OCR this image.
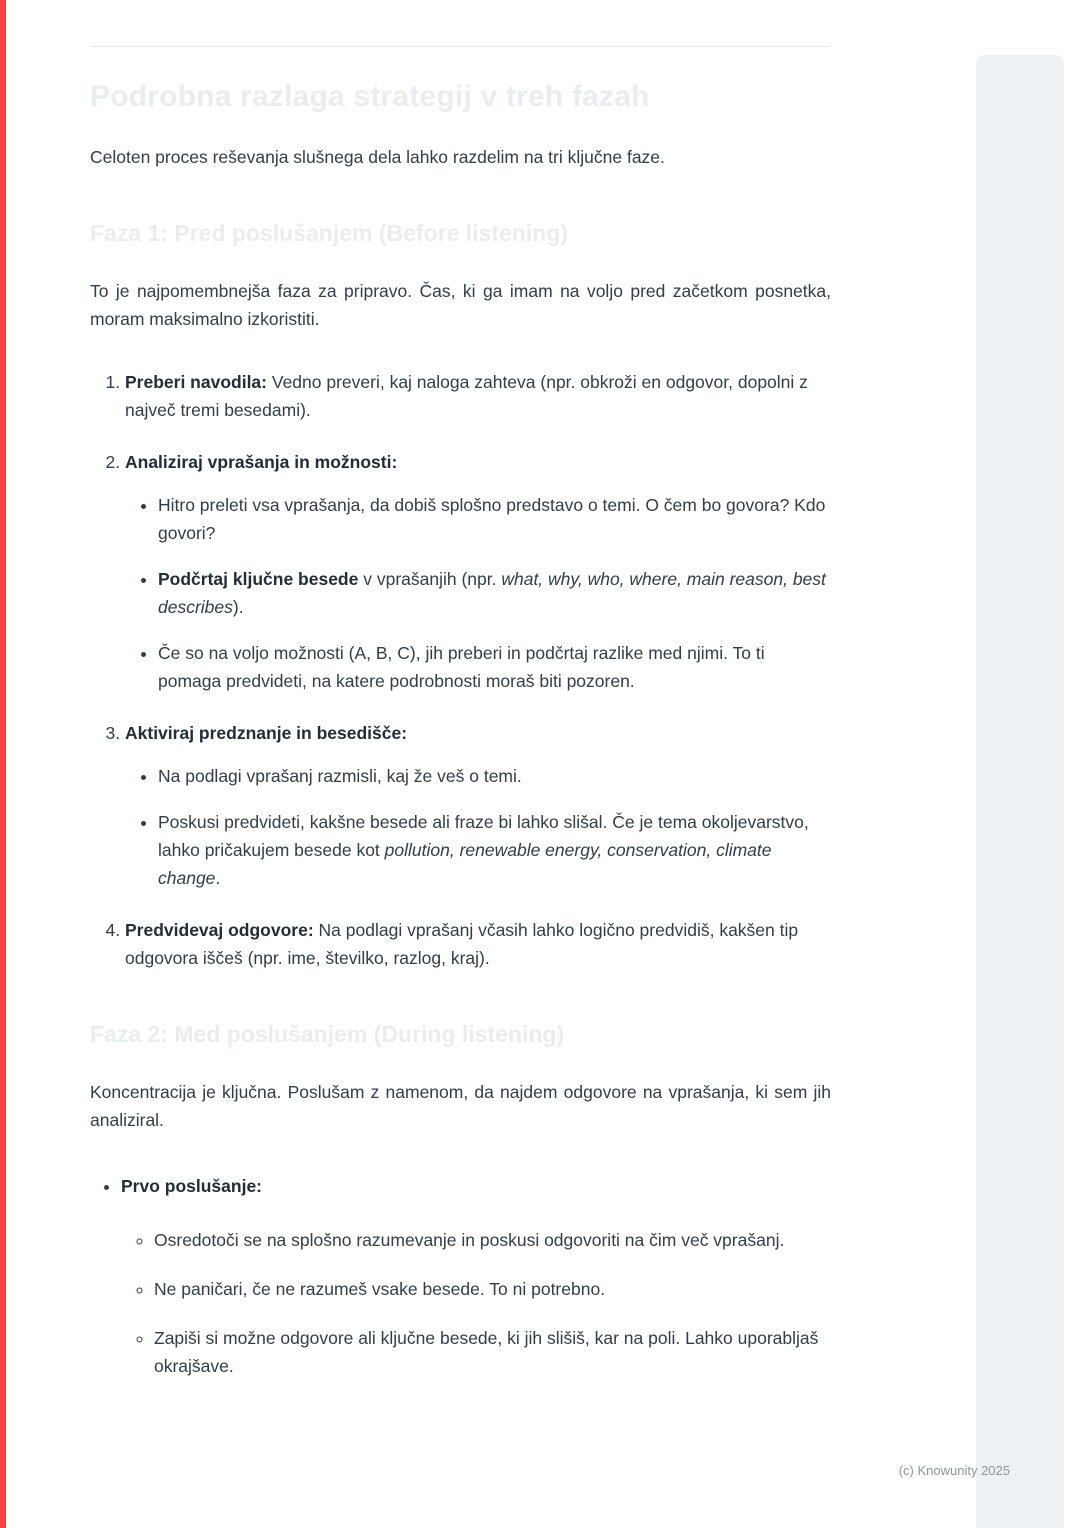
Podrobna razlaga strategij v treh fazah

Celoten proces reševanja slušnega dela lahko razdelim na tri ključne faze.

Faza 1: Pred poslušanjem (Before listening)

To je najpomembnejša faza za pripravo. Čas, ki ga imam na voljo pred začetkom posnetka, moram maksimalno izkoristiti.

1. Preberi navodila: Vedno preveri, kaj naloga zahteva (npr. obkroži en odgovor, dopolni z največ tremi besedami).
2. Analiziraj vprašanja in možnosti:
• Hitro preleti vsa vprašanja, da dobiš splošno predstavo o temi. O čem bo govora? Kdo govori?
• Podčrtaj ključne besede v vprašanjih (npr. what, why, who, where, main reason, best describes).
• Če so na voljo možnosti (A, B, C), jih preberi in podčrtaj razlike med njimi. To ti pomaga predvideti, na katere podrobnosti moraš biti pozoren.
3. Aktiviraj predznanje in besedišče:
• Na podlagi vprašanj razmisli, kaj že veš o temi.
• Poskusi predvideti, kakšne besede ali fraze bi lahko slišal. Če je tema okoljevarstvo, lahko pričakujem besede kot pollution, renewable energy, conservation, climate change.
4. Predvidevaj odgovore: Na podlagi vprašanj včasih lahko logično predvidiš, kakšen tip odgovora iščeš (npr. ime, številko, razlog, kraj).
Faza 2: Med poslušanjem (During listening)

Koncentracija je ključna. Poslušam z namenom, da najdem odgovore na vprašanja, ki sem jih analiziral.

• Prvo poslušanje:
◦ Osredotoči se na splošno razumevanje in poskusi odgovoriti na čim več vprašanj.
◦ Ne paničari, če ne razumeš vsake besede. To ni potrebno.
◦ Zapiši si možne odgovore ali ključne besede, ki jih slišiš, kar na poli. Lahko uporabljaš okrajšave.
(c) Knowunity 2025
